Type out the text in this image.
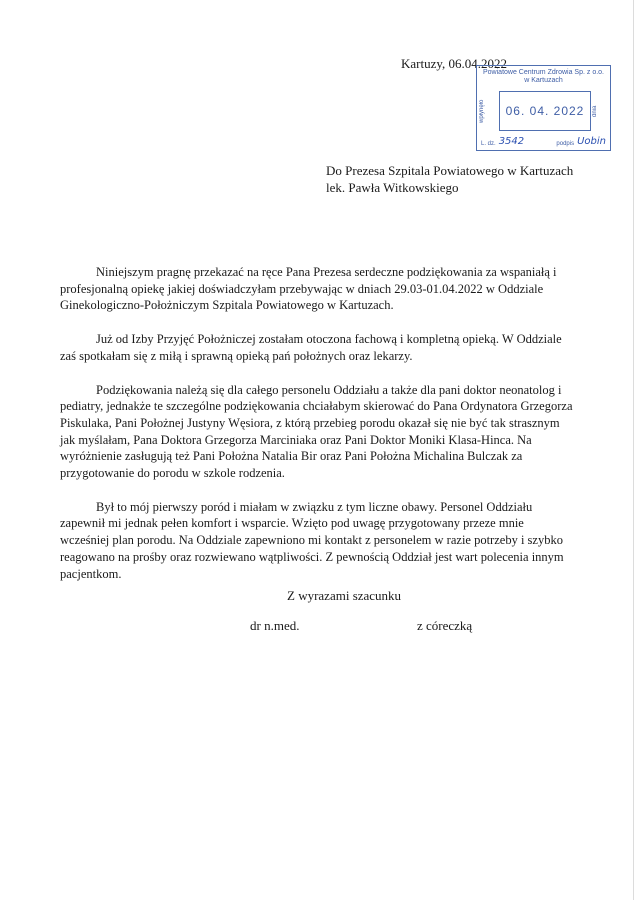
Kartuzy, 06.04.2022
Powiatowe Centrum Zdrowia Sp. z o.o.
w Kartuzach
wpłynęło	06. 04. 2022	dnia
L. dz. 3542	podpis Uobin
Do Prezesa Szpitala Powiatowego w Kartuzach
lek. Pawła Witkowskiego

Niniejszym pragnę przekazać na ręce Pana Prezesa serdeczne podziękowania za wspaniałą i profesjonalną opiekę jakiej doświadczyłam przebywając w dniach 29.03-01.04.2022 w Oddziale Ginekologiczno-Położniczym Szpitala Powiatowego w Kartuzach.

Już od Izby Przyjęć Położniczej zostałam otoczona fachową i kompletną opieką. W Oddziale zaś spotkałam się z miłą i sprawną opieką pań położnych oraz lekarzy.

Podziękowania należą się dla całego personelu Oddziału a także dla pani doktor neonatolog i pediatry, jednakże te szczególne podziękowania chciałabym skierować do Pana Ordynatora Grzegorza Piskulaka, Pani Położnej Justyny Węsiora, z którą przebieg porodu okazał się nie być tak strasznym jak myślałam, Pana Doktora Grzegorza Marciniaka oraz Pani Doktor Moniki Klasa-Hinca. Na wyróżnienie zasługują też Pani Położna Natalia Bir oraz Pani Położna Michalina Bulczak za przygotowanie do porodu w szkole rodzenia.

Był to mój pierwszy poród i miałam w związku z tym liczne obawy. Personel Oddziału zapewnił mi jednak pełen komfort i wsparcie. Wzięto pod uwagę przygotowany przeze mnie wcześniej plan porodu. Na Oddziale zapewniono mi kontakt z personelem w razie potrzeby i szybko reagowano na prośby oraz rozwiewano wątpliwości. Z pewnością Oddział jest wart polecenia innym pacjentkom.

Z wyrazami szacunku
dr n.med.	z córeczką
